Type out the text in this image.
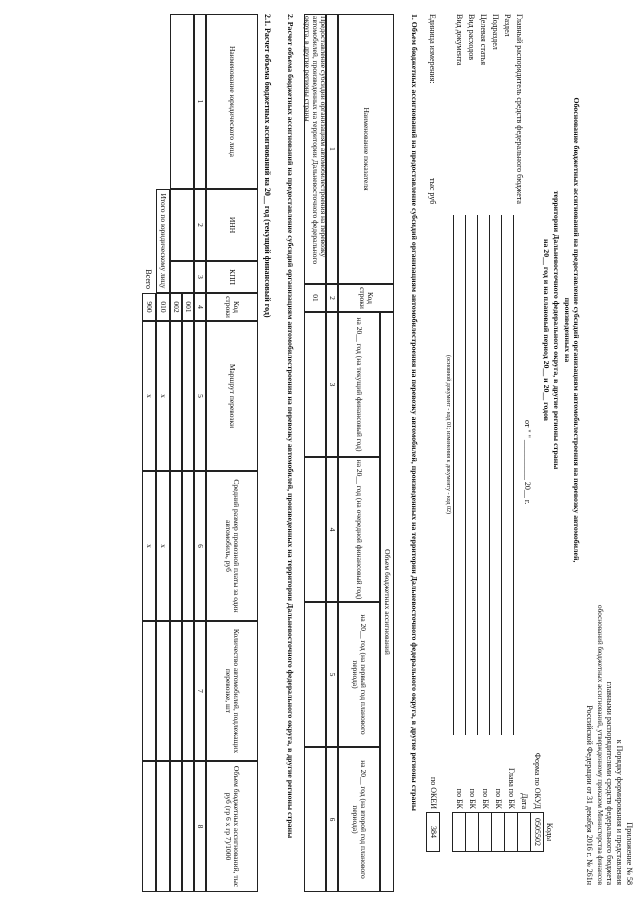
Приложение № 58
к Порядку формирования и представления
главными распорядителями средств федерального бюджета
обоснований бюджетных ассигнований, утвержденному приказом Министерства финансов
Российской Федерации от 31 декабря 2016 г. № 261н
Обоснование бюджетных ассигнований на предоставление субсидий организациям автомобилестроения на перевозку автомобилей, произведенных на
территории Дальневосточного федерального округа, в другие регионы страны
на 20__ год и на плановый период 20__ и 20__ годов
от " " __________ 20__ г.
Коды
Форма по ОКУД
0505502
Дата
Глава по БК
по БК
по БК
по БК
по БК
по ОКЕИ
384
Главный распорядитель средств федерального бюджета
Раздел
Подраздел
Целевая статья
Вид расходов
Вид документа
(основной документ - код 01; изменения к документу - код 02)
Единица измерения:
тыс руб
1. Объем бюджетных ассигнований на предоставление субсидий организациям автомобилестроения на перевозку автомобилей, произведенных на территории Дальневосточного федерального округа, в другие регионы страны
Наименование показателя
Код строки
Объем бюджетных ассигнований
на 20__ год (на текущий финансовый год)
на 20__ год (на очередной финансовый год)
на 20__ год (на первый год планового периода)
на 20__ год (на второй год планового периода)
1
2
3
4
5
6
Предоставление субсидий организациям автомобилестроения на перевозку автомобилей, произведенных на территории Дальневосточного федерального округа, в другие регионы страны
01
2. Расчет объема бюджетных ассигнований на предоставление субсидий организациям автомобилестроения на перевозку автомобилей, произведенных на территории Дальневосточного федерального округа, в другие регионы страны
2.1. Расчет объема бюджетных ассигнований на 20__ год (текущий финансовый год)
Наименование юридического лица
ИНН
КПП
Код строки
Маршрут перевозки
Средний размер провозной платы за один автомобиль, руб
Количество автомобилей, подлежащих перевозке, шт
Объем бюджетных ассигнований, тыс руб (гр 6 x гр 7)/1000
1
2
3
4
5
6
7
8
001
002
Итого по юридическому лицу
010
x
x
Всего
900
x
x
